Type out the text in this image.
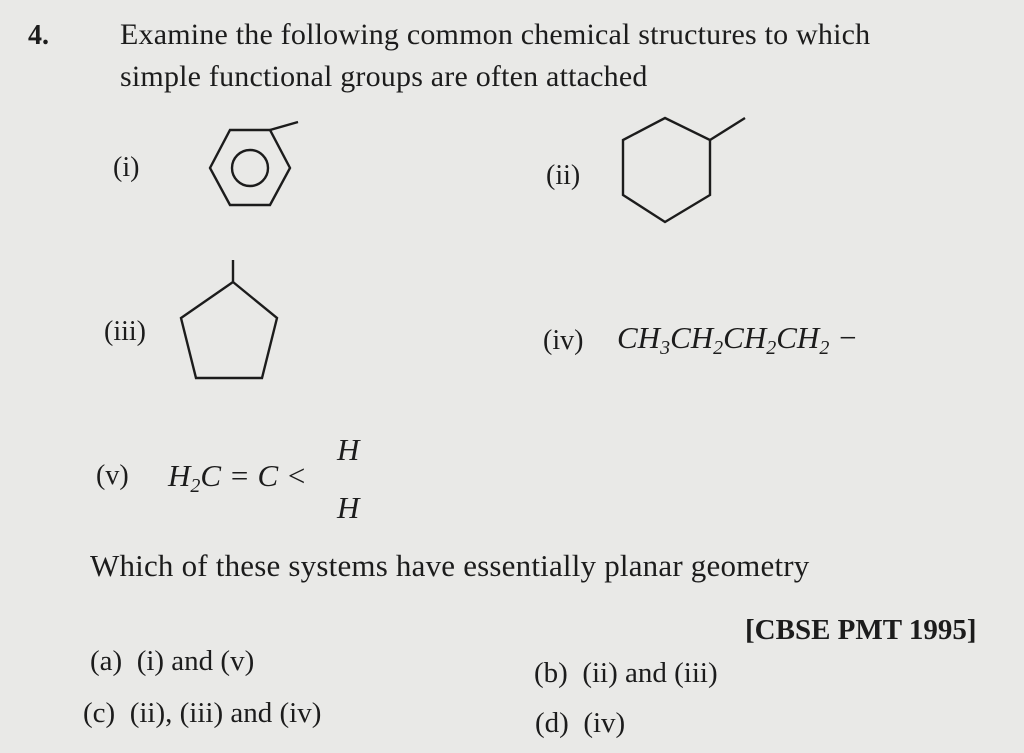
4. Examine the following common chemical structures to which
simple functional groups are often attached
(i)	(ii)
(iii)	(iv) $CH_3CH_2CH_2CH_2$ −
(v) $H_2C = C$ <
H
H
Which of these systems have essentially planar geometry
[CBSE PMT 1995]
(a) (i) and (v)	(b) (ii) and (iii)
(c) (ii), (iii) and (iv)	(d) (iv)
